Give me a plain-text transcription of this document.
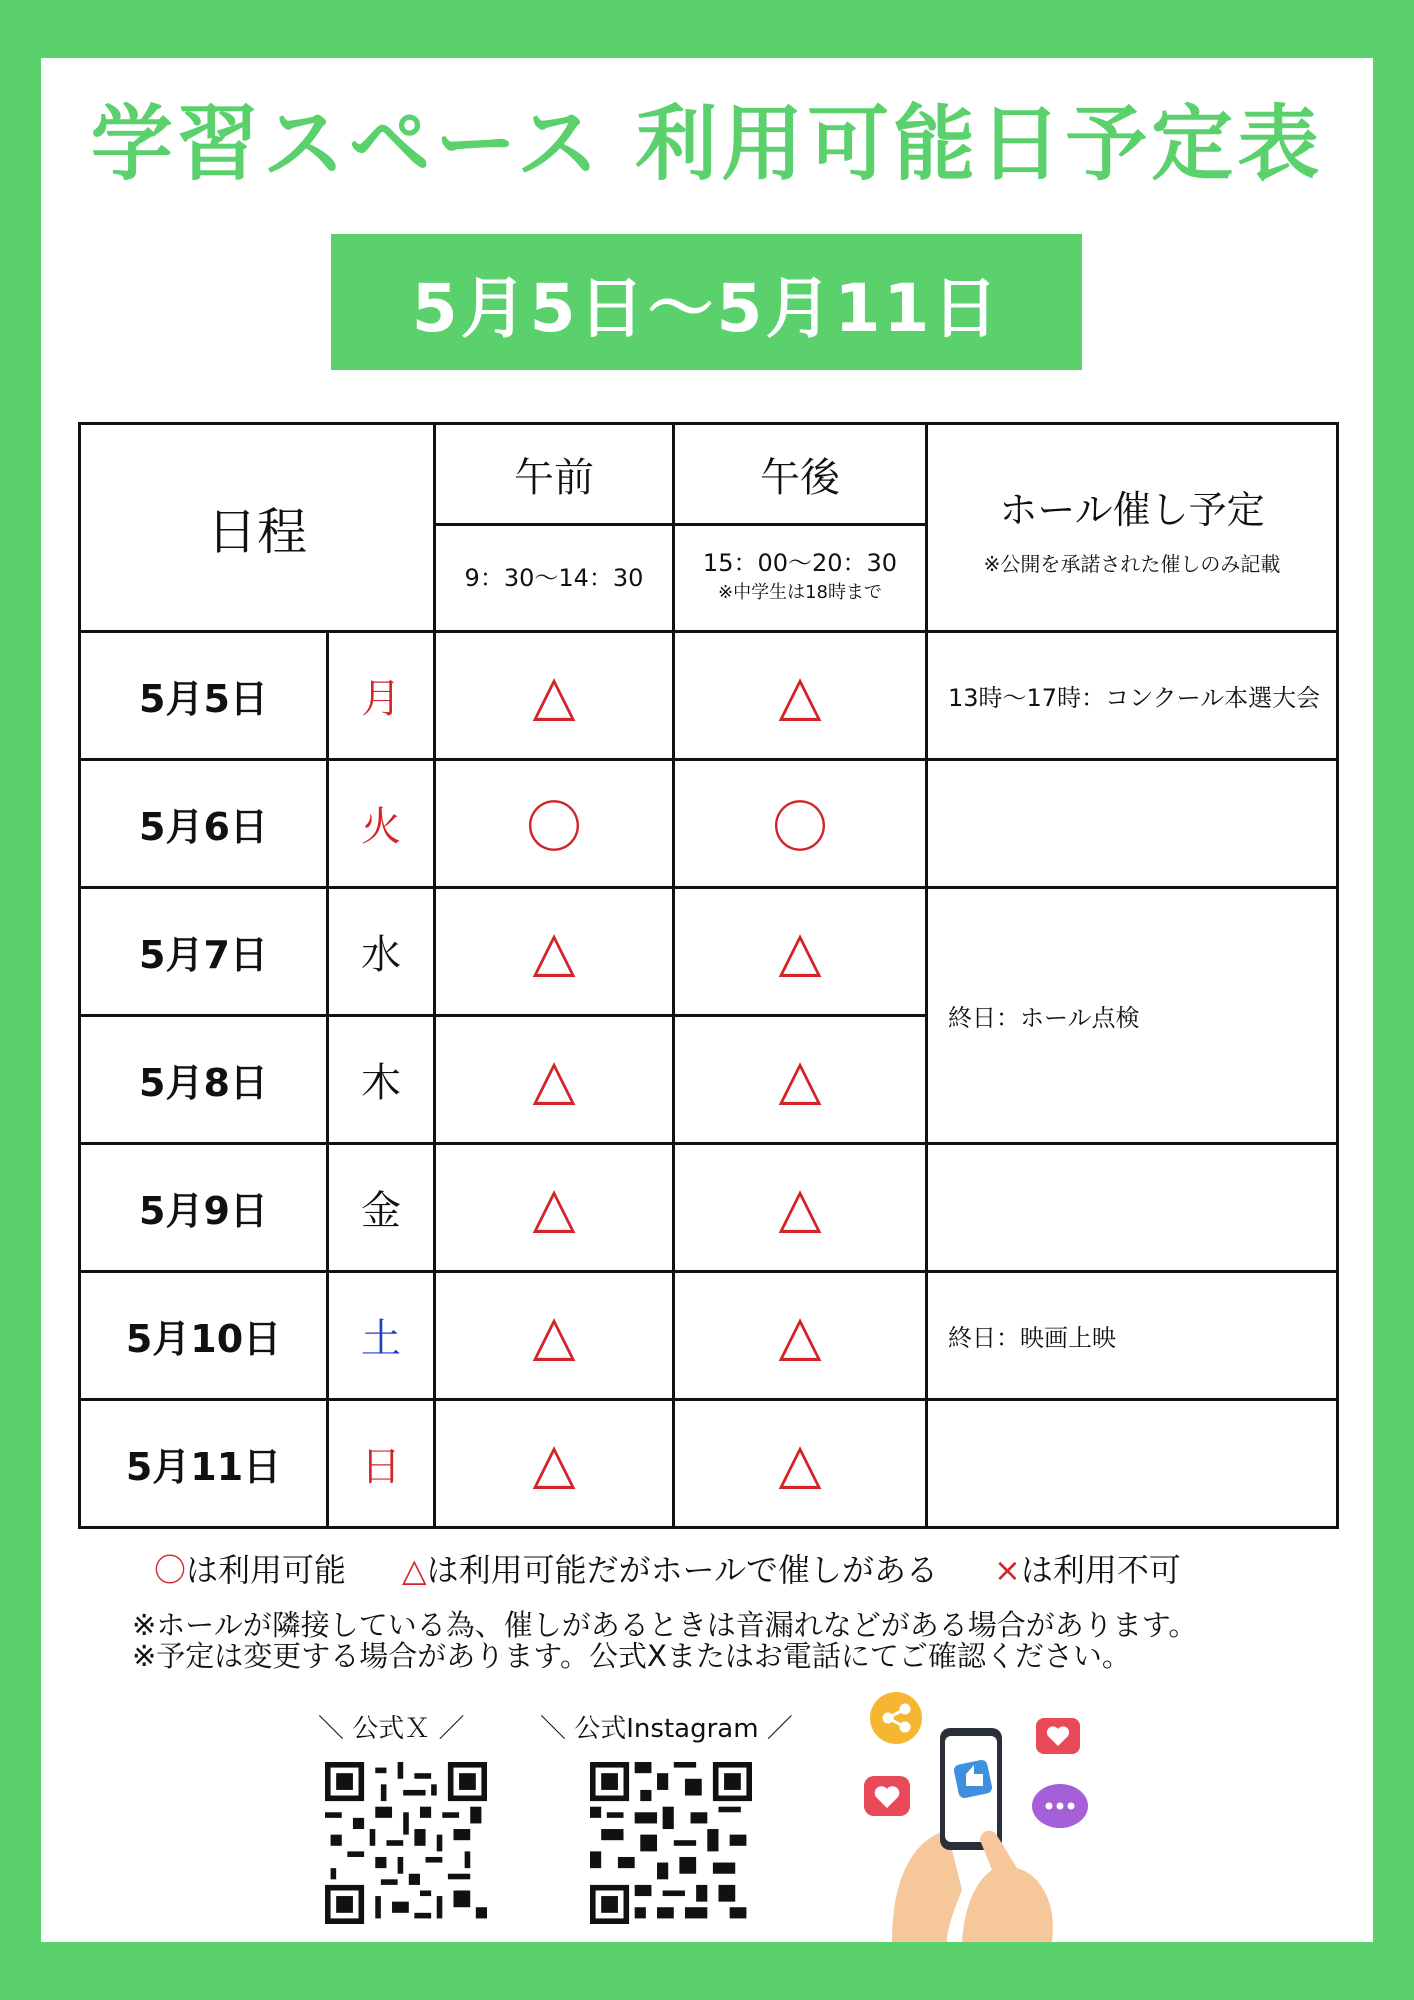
学習スペース 利用可能日予定表
5月5日～5月11日
日程		午前	午後	ホール催し予定
※公開を承諾された催しのみ記載

		9：30～14：30	15：00～20：30
※中学生は18時まで	

5月5日	月	△	△	13時～17時：コンクール本選大会
5月6日	火	〇	〇	
5月7日	水	△	△	終日：ホール点検
5月8日	木	△	△	
5月9日	金	△	△	
5月10日	土	△	△	終日：映画上映
5月11日	日	△	△	
〇は利用可能 △は利用可能だがホールで催しがある ×は利用不可
※ホールが隣接している為、催しがあるときは音漏れなどがある場合があります。
※予定は変更する場合があります。公式Xまたはお電話にてご確認ください。
＼ 公式Ｘ ／	＼ 公式Instagram ／
